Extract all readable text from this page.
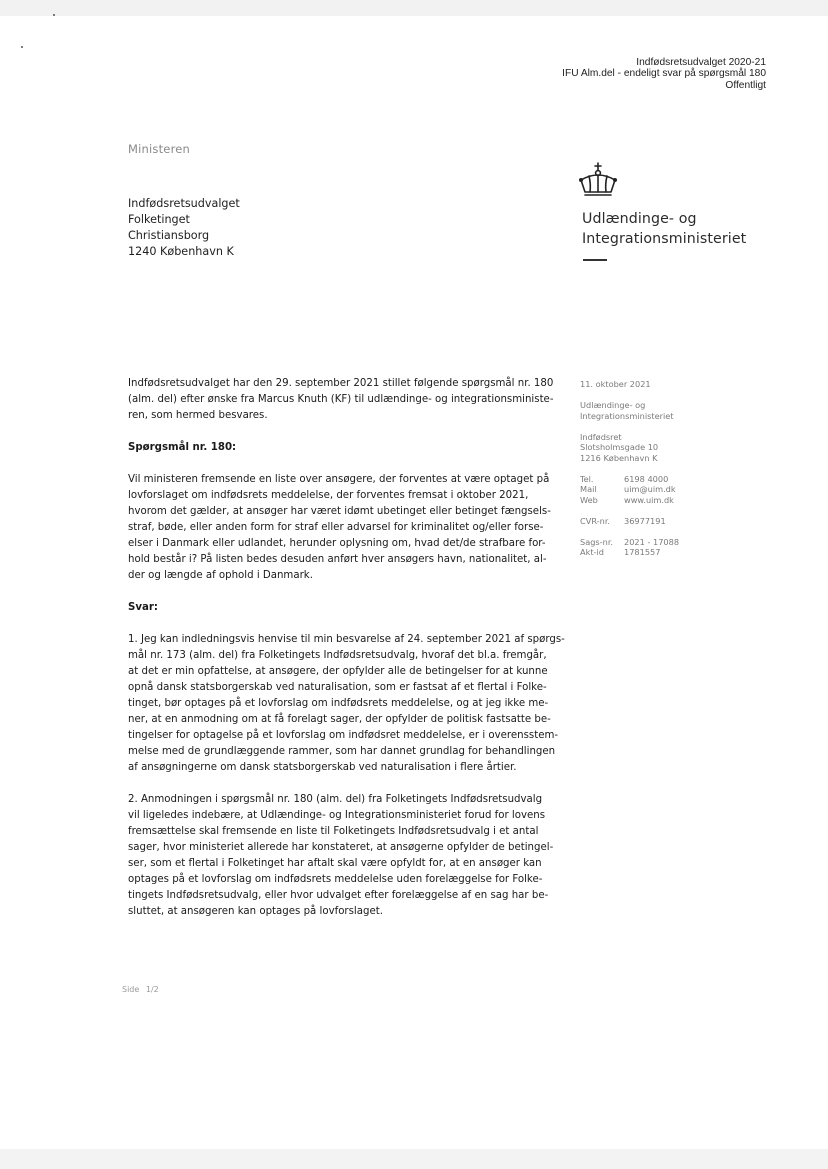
Indfødsretsudvalget 2020-21
IFU Alm.del - endeligt svar på spørgsmål 180
Offentligt
Ministeren
Indfødsretsudvalget
Folketinget
Christiansborg
1240 København K
Udlændinge- og
Integrationsministeriet

Indfødsretsudvalget har den 29. september 2021 stillet følgende spørgsmål nr. 180

(alm. del) efter ønske fra Marcus Knuth (KF) til udlændinge- og integrationsministe-

ren, som hermed besvares.

Spørgsmål nr. 180:

Vil ministeren fremsende en liste over ansøgere, der forventes at være optaget på

lovforslaget om indfødsrets meddelelse, der forventes fremsat i oktober 2021,

hvorom det gælder, at ansøger har været idømt ubetinget eller betinget fængsels-

straf, bøde, eller anden form for straf eller advarsel for kriminalitet og/eller forse-

elser i Danmark eller udlandet, herunder oplysning om, hvad det/de strafbare for-

hold består i? På listen bedes desuden anført hver ansøgers havn, nationalitet, al-

der og længde af ophold i Danmark.

Svar:

1. Jeg kan indledningsvis henvise til min besvarelse af 24. september 2021 af spørgs-

mål nr. 173 (alm. del) fra Folketingets Indfødsretsudvalg, hvoraf det bl.a. fremgår,

at det er min opfattelse, at ansøgere, der opfylder alle de betingelser for at kunne

opnå dansk statsborgerskab ved naturalisation, som er fastsat af et flertal i Folke-

tinget, bør optages på et lovforslag om indfødsrets meddelelse, og at jeg ikke me-

ner, at en anmodning om at få forelagt sager, der opfylder de politisk fastsatte be-

tingelser for optagelse på et lovforslag om indfødsret meddelelse, er i overensstem-

melse med de grundlæggende rammer, som har dannet grundlag for behandlingen

af ansøgningerne om dansk statsborgerskab ved naturalisation i flere årtier.

2. Anmodningen i spørgsmål nr. 180 (alm. del) fra Folketingets Indfødsretsudvalg

vil ligeledes indebære, at Udlændinge- og Integrationsministeriet forud for lovens

fremsættelse skal fremsende en liste til Folketingets Indfødsretsudvalg i et antal

sager, hvor ministeriet allerede har konstateret, at ansøgerne opfylder de betingel-

ser, som et flertal i Folketinget har aftalt skal være opfyldt for, at en ansøger kan

optages på et lovforslag om indfødsrets meddelelse uden forelæggelse for Folke-

tingets Indfødsretsudvalg, eller hvor udvalget efter forelæggelse af en sag har be-

sluttet, at ansøgeren kan optages på lovforslaget.

11. oktober 2021
Udlændinge- og
Integrationsministeriet
Indfødsret
Slotsholmsgade 10
1216 København K
Tel.	6198 4000
Mail	uim@uim.dk
Web	www.uim.dk
CVR-nr.	36977191
Sags-nr.	2021 - 17088
Akt-id	1781557
Side 1/2
